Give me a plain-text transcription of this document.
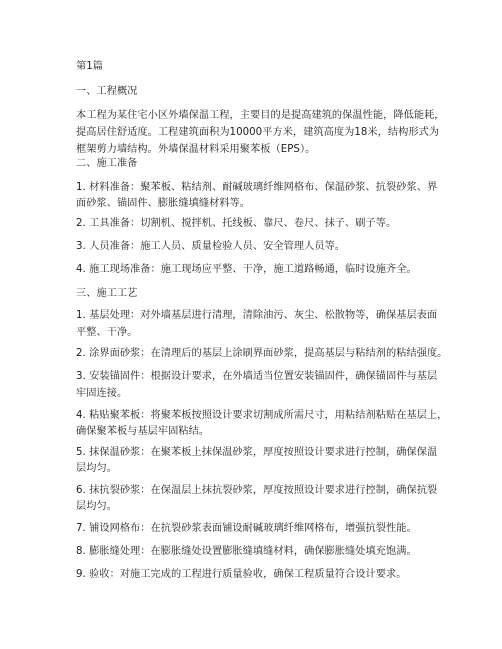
第1篇
一、工程概况
本工程为某住宅小区外墙保温工程，主要目的是提高建筑的保温性能，降低能耗，
提高居住舒适度。工程建筑面积为10000平方米，建筑高度为18米，结构形式为
框架剪力墙结构。外墙保温材料采用聚苯板（EPS）。
二、施工准备
1. 材料准备：聚苯板、粘结剂、耐碱玻璃纤维网格布、保温砂浆、抗裂砂浆、界
面砂浆、锚固件、膨胀缝填缝材料等。
2. 工具准备：切割机、搅拌机、托线板、靠尺、卷尺、抹子、刷子等。
3. 人员准备：施工人员、质量检验人员、安全管理人员等。
4. 施工现场准备：施工现场应平整、干净，施工道路畅通，临时设施齐全。
三、施工工艺
1. 基层处理：对外墙基层进行清理，清除油污、灰尘、松散物等，确保基层表面
平整、干净。
2. 涂界面砂浆：在清理后的基层上涂刷界面砂浆，提高基层与粘结剂的粘结强度。
3. 安装锚固件：根据设计要求，在外墙适当位置安装锚固件，确保锚固件与基层
牢固连接。
4. 粘贴聚苯板：将聚苯板按照设计要求切割成所需尺寸，用粘结剂粘贴在基层上，
确保聚苯板与基层牢固粘结。
5. 抹保温砂浆：在聚苯板上抹保温砂浆，厚度按照设计要求进行控制，确保保温
层均匀。
6. 抹抗裂砂浆：在保温层上抹抗裂砂浆，厚度按照设计要求进行控制，确保抗裂
层均匀。
7. 铺设网格布：在抗裂砂浆表面铺设耐碱玻璃纤维网格布，增强抗裂性能。
8. 膨胀缝处理：在膨胀缝处设置膨胀缝填缝材料，确保膨胀缝处填充饱满。
9. 验收：对施工完成的工程进行质量验收，确保工程质量符合设计要求。
